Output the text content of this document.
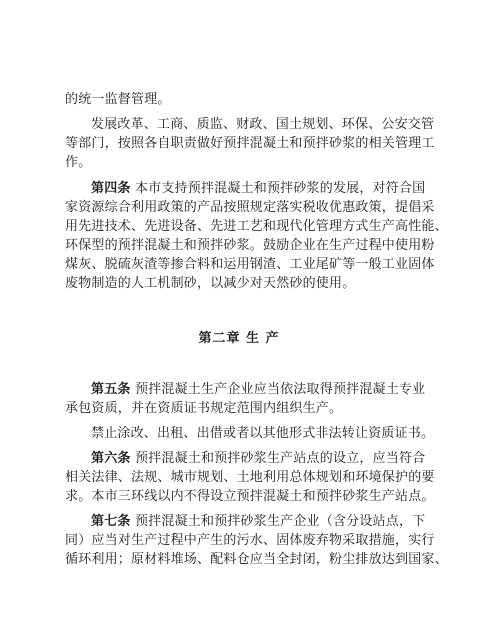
的统一监督管理。
发展改革、工商、质监、财政、国土规划、环保、公安交管
等部门，按照各自职责做好预拌混凝土和预拌砂浆的相关管理工
作。
第四条 本市支持预拌混凝土和预拌砂浆的发展，对符合国
家资源综合利用政策的产品按照规定落实税收优惠政策，提倡采
用先进技术、先进设备、先进工艺和现代化管理方式生产高性能、
环保型的预拌混凝土和预拌砂浆。鼓励企业在生产过程中使用粉
煤灰、脱硫灰渣等掺合料和运用钢渣、工业尾矿等一般工业固体
废物制造的人工机制砂，以减少对天然砂的使用。
第二章 生 产
第五条 预拌混凝土生产企业应当依法取得预拌混凝土专业
承包资质，并在资质证书规定范围内组织生产。
禁止涂改、出租、出借或者以其他形式非法转让资质证书。
第六条 预拌混凝土和预拌砂浆生产站点的设立，应当符合
相关法律、法规、城市规划、土地利用总体规划和环境保护的要
求。本市三环线以内不得设立预拌混凝土和预拌砂浆生产站点。
第七条 预拌混凝土和预拌砂浆生产企业（含分设站点，下
同）应当对生产过程中产生的污水、固体废弃物采取措施，实行
循环利用；原材料堆场、配料仓应当全封闭，粉尘排放达到国家、
